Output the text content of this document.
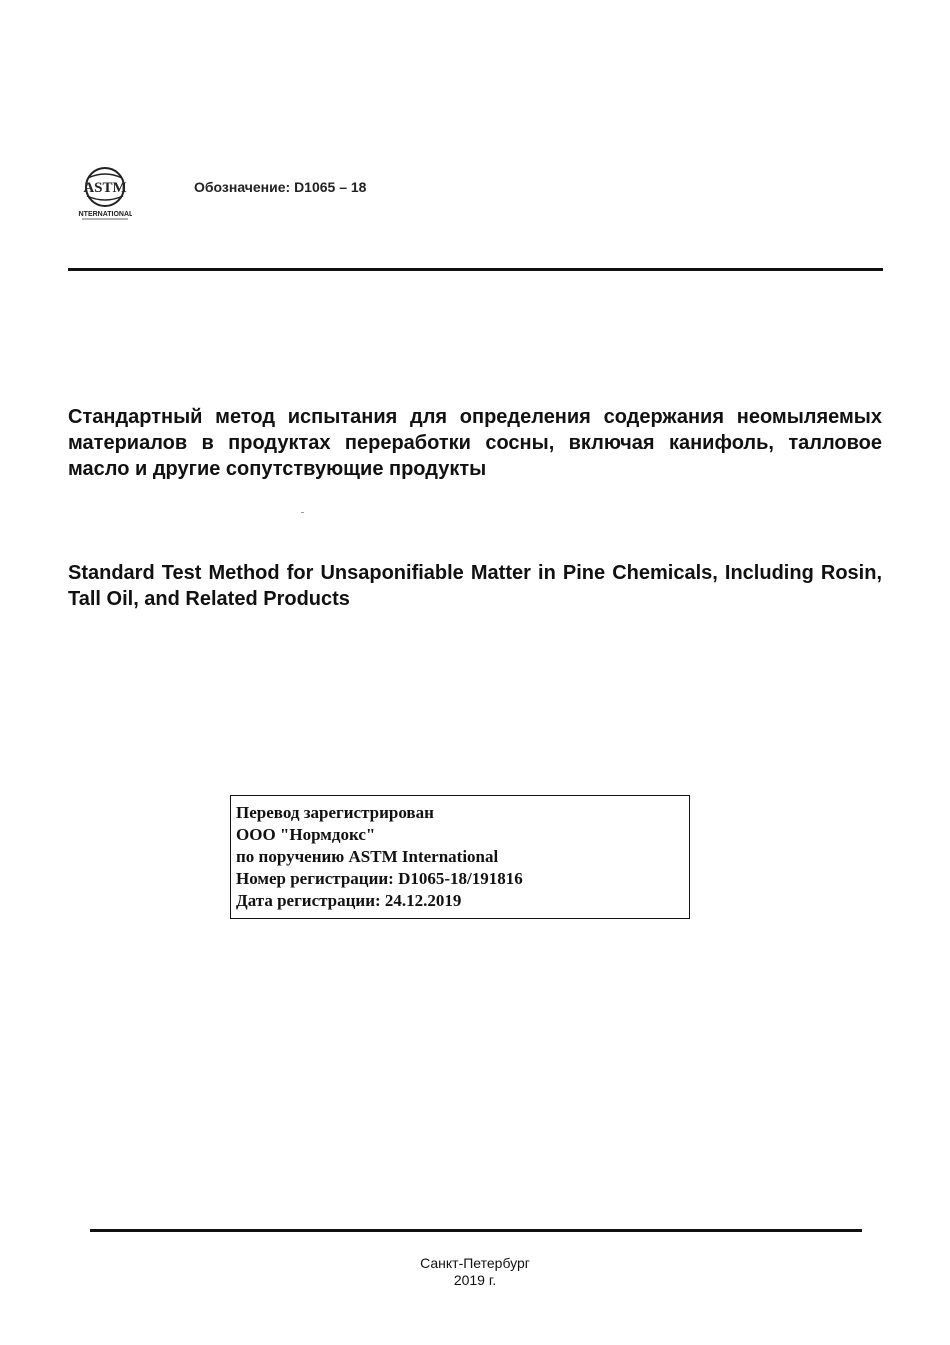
ASTM
INTERNATIONAL
Обозначение: D1065 – 18
Стандартный метод испытания для определения содержания неомыляемых материалов в продуктах переработки сосны, включая канифоль, талловое масло и другие сопутствующие продукты
Standard Test Method for Unsaponifiable Matter in Pine Chemicals, Including Rosin, Tall Oil, and Related Products
Перевод зарегистрирован
ООО "Нормдокс"
по поручению ASTM International
Номер регистрации: D1065-18/191816
Дата регистрации: 24.12.2019
Санкт-Петербург
2019 г.
